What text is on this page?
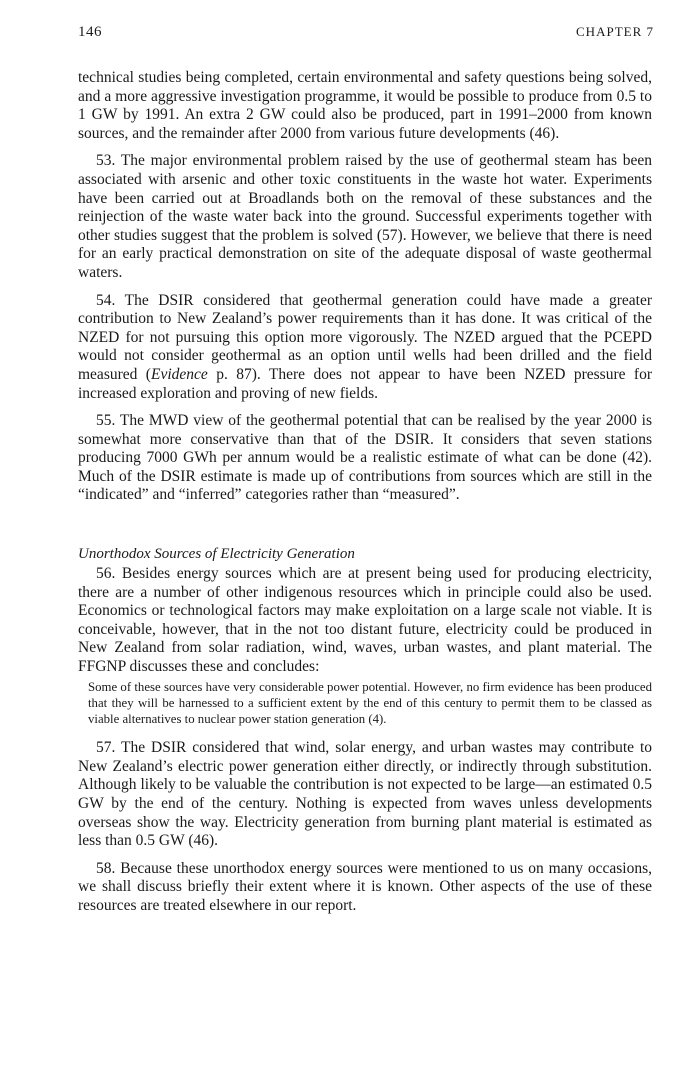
146	CHAPTER 7

technical studies being completed, certain environmental and safety questions being solved, and a more aggressive investigation programme, it would be possible to produce from 0.5 to 1 GW by 1991. An extra 2 GW could also be produced, part in 1991–2000 from known sources, and the remainder after 2000 from various future developments (46).

53. The major environmental problem raised by the use of geothermal steam has been associated with arsenic and other toxic constituents in the waste hot water. Experiments have been carried out at Broadlands both on the removal of these substances and the reinjection of the waste water back into the ground. Successful experiments together with other studies suggest that the problem is solved (57). However, we believe that there is need for an early practical demonstration on site of the adequate disposal of waste geothermal waters.

54. The DSIR considered that geothermal generation could have made a greater contribution to New Zealand’s power requirements than it has done. It was critical of the NZED for not pursuing this option more vigorously. The NZED argued that the PCEPD would not consider geothermal as an option until wells had been drilled and the field measured (Evidence p. 87). There does not appear to have been NZED pressure for increased exploration and proving of new fields.

55. The MWD view of the geothermal potential that can be realised by the year 2000 is somewhat more conservative than that of the DSIR. It considers that seven stations producing 7000 GWh per annum would be a realistic estimate of what can be done (42). Much of the DSIR estimate is made up of contributions from sources which are still in the “indicated” and “inferred” categories rather than “measured”.

Unorthodox Sources of Electricity Generation

56. Besides energy sources which are at present being used for producing electricity, there are a number of other indigenous resources which in principle could also be used. Economics or technological factors may make exploitation on a large scale not viable. It is conceivable, however, that in the not too distant future, electricity could be produced in New Zealand from solar radiation, wind, waves, urban wastes, and plant material. The FFGNP discusses these and concludes:

Some of these sources have very considerable power potential. However, no firm evidence has been produced that they will be harnessed to a sufficient extent by the end of this century to permit them to be classed as viable alternatives to nuclear power station generation (4).

57. The DSIR considered that wind, solar energy, and urban wastes may contribute to New Zealand’s electric power generation either directly, or indirectly through substitution. Although likely to be valuable the contribution is not expected to be large—an estimated 0.5 GW by the end of the century. Nothing is expected from waves unless developments overseas show the way. Electricity generation from burning plant material is estimated as less than 0.5 GW (46).

58. Because these unorthodox energy sources were mentioned to us on many occasions, we shall discuss briefly their extent where it is known. Other aspects of the use of these resources are treated elsewhere in our report.
